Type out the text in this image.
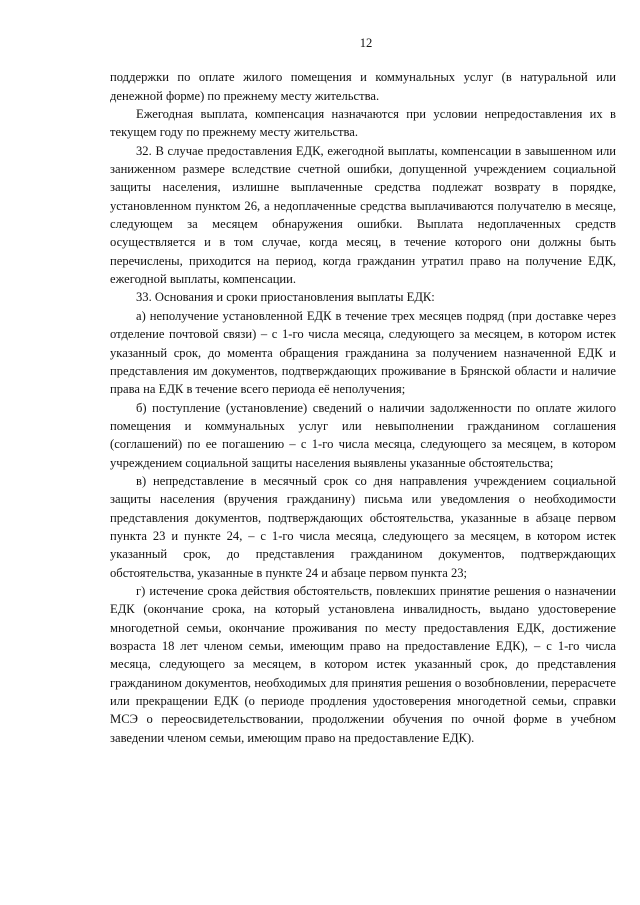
12

поддержки по оплате жилого помещения и коммунальных услуг (в натуральной или денежной форме) по прежнему месту жительства.

Ежегодная выплата, компенсация назначаются при условии непредоставления их в текущем году по прежнему месту жительства.

32. В случае предоставления ЕДК, ежегодной выплаты, компенсации в завышенном или заниженном размере вследствие счетной ошибки, допущенной учреждением социальной защиты населения, излишне выплаченные средства подлежат возврату в порядке, установленном пунктом 26, а недоплаченные средства выплачиваются получателю в месяце, следующем за месяцем обнаружения ошибки. Выплата недоплаченных средств осуществляется и в том случае, когда месяц, в течение которого они должны быть перечислены, приходится на период, когда гражданин утратил право на получение ЕДК, ежегодной выплаты, компенсации.

33. Основания и сроки приостановления выплаты ЕДК:

а) неполучение установленной ЕДК в течение трех месяцев подряд (при доставке через отделение почтовой связи) – с 1-го числа месяца, следующего за месяцем, в котором истек указанный срок, до момента обращения гражданина за получением назначенной ЕДК и представления им документов, подтверждающих проживание в Брянской области и наличие права на ЕДК в течение всего периода её неполучения;

б) поступление (установление) сведений о наличии задолженности по оплате жилого помещения и коммунальных услуг или невыполнении гражданином соглашения (соглашений) по ее погашению – с 1-го числа месяца, следующего за месяцем, в котором учреждением социальной защиты населения выявлены указанные обстоятельства;

в) непредставление в месячный срок со дня направления учреждением социальной защиты населения (вручения гражданину) письма или уведомления о необходимости представления документов, подтверждающих обстоятельства, указанные в абзаце первом пункта 23 и пункте 24, – с 1-го числа месяца, следующего за месяцем, в котором истек указанный срок, до представления гражданином документов, подтверждающих обстоятельства, указанные в пункте 24 и абзаце первом пункта 23;

г) истечение срока действия обстоятельств, повлекших принятие решения о назначении ЕДК (окончание срока, на который установлена инвалидность, выдано удостоверение многодетной семьи, окончание проживания по месту предоставления ЕДК, достижение возраста 18 лет членом семьи, имеющим право на предоставление ЕДК), – с 1-го числа месяца, следующего за месяцем, в котором истек указанный срок, до представления гражданином документов, необходимых для принятия решения о возобновлении, перерасчете или прекращении ЕДК (о периоде продления удостоверения многодетной семьи, справки МСЭ о переосвидетельствовании, продолжении обучения по очной форме в учебном заведении членом семьи, имеющим право на предоставление ЕДК).
